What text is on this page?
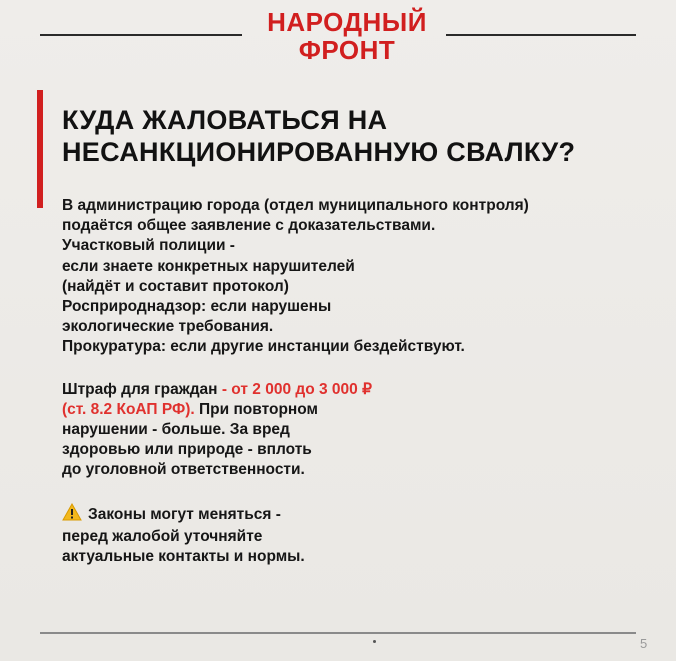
НАРОДНЫЙ
ФРОНТ
КУДА ЖАЛОВАТЬСЯ НА
НЕСАНКЦИОНИРОВАННУЮ СВАЛКУ?
В администрацию города (отдел муниципального контроля)
подаётся общее заявление с доказательствами.
Участковый полиции -
если знаете конкретных нарушителей
(найдёт и составит протокол)
Росприроднадзор: если нарушены
экологические требования.
Прокуратура: если другие инстанции бездействуют.
Штраф для граждан - от 2 000 до 3 000 ₽
(ст. 8.2 КоАП РФ). При повторном
нарушении - больше. За вред
здоровью или природе - вплоть
до уголовной ответственности.
Законы могут меняться -
перед жалобой уточняйте
актуальные контакты и нормы.
5
